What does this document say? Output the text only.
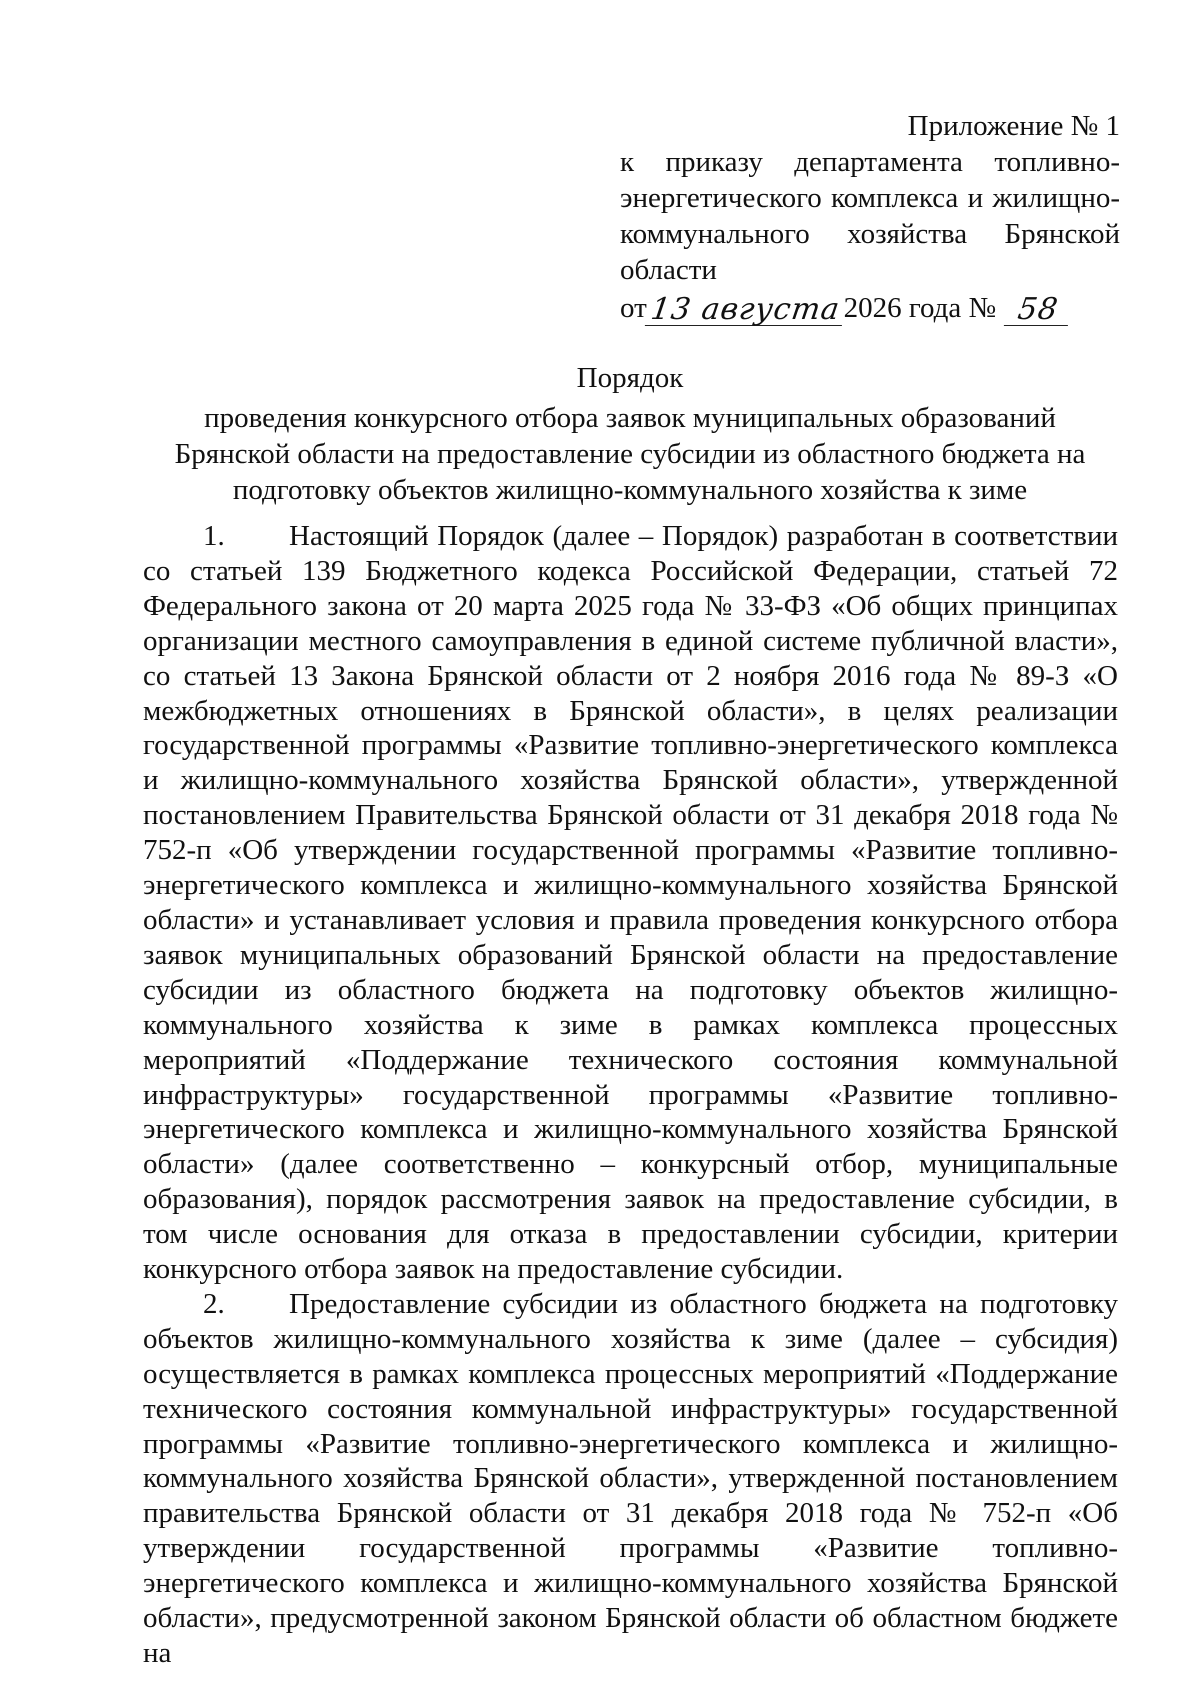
Приложение № 1
к приказу департамента топливно-
энергетического комплекса и жилищно-
коммунального хозяйства Брянской
области
от 13 августа 2026 года № 58
Порядок
проведения конкурсного отбора заявок муниципальных образований
Брянской области на предоставление субсидии из областного бюджета на
подготовку объектов жилищно-коммунального хозяйства к зиме

1. Настоящий Порядок (далее – Порядок) разработан в соответствии со статьей 139 Бюджетного кодекса Российской Федерации, статьей 72 Федерального закона от 20 марта 2025 года № 33-ФЗ «Об общих принципах организации местного самоуправления в единой системе публичной власти», со статьей 13 Закона Брянской области от 2 ноября 2016 года № 89-З «О межбюджетных отношениях в Брянской области», в целях реализации государственной программы «Развитие топливно-энергетического комплекса и жилищно-коммунального хозяйства Брянской области», утвержденной постановлением Правительства Брянской области от 31 декабря 2018 года № 752-п «Об утверждении государственной программы «Развитие топливно-энергетического комплекса и жилищно-коммунального хозяйства Брянской области» и устанавливает условия и правила проведения конкурсного отбора заявок муниципальных образований Брянской области на предоставление субсидии из областного бюджета на подготовку объектов жилищно-коммунального хозяйства к зиме в рамках комплекса процессных мероприятий «Поддержание технического состояния коммунальной инфраструктуры» государственной программы «Развитие топливно-энергетического комплекса и жилищно-коммунального хозяйства Брянской области» (далее соответственно – конкурсный отбор, муниципальные образования), порядок рассмотрения заявок на предоставление субсидии, в том числе основания для отказа в предоставлении субсидии, критерии конкурсного отбора заявок на предоставление субсидии.

2. Предоставление субсидии из областного бюджета на подготовку объектов жилищно-коммунального хозяйства к зиме (далее – субсидия) осуществляется в рамках комплекса процессных мероприятий «Поддержание технического состояния коммунальной инфраструктуры» государственной программы «Развитие топливно-энергетического комплекса и жилищно-коммунального хозяйства Брянской области», утвержденной постановлением правительства Брянской области от 31 декабря 2018 года № 752-п «Об утверждении государственной программы «Развитие топливно-энергетического комплекса и жилищно-коммунального хозяйства Брянской области», предусмотренной законом Брянской области об областном бюджете на
